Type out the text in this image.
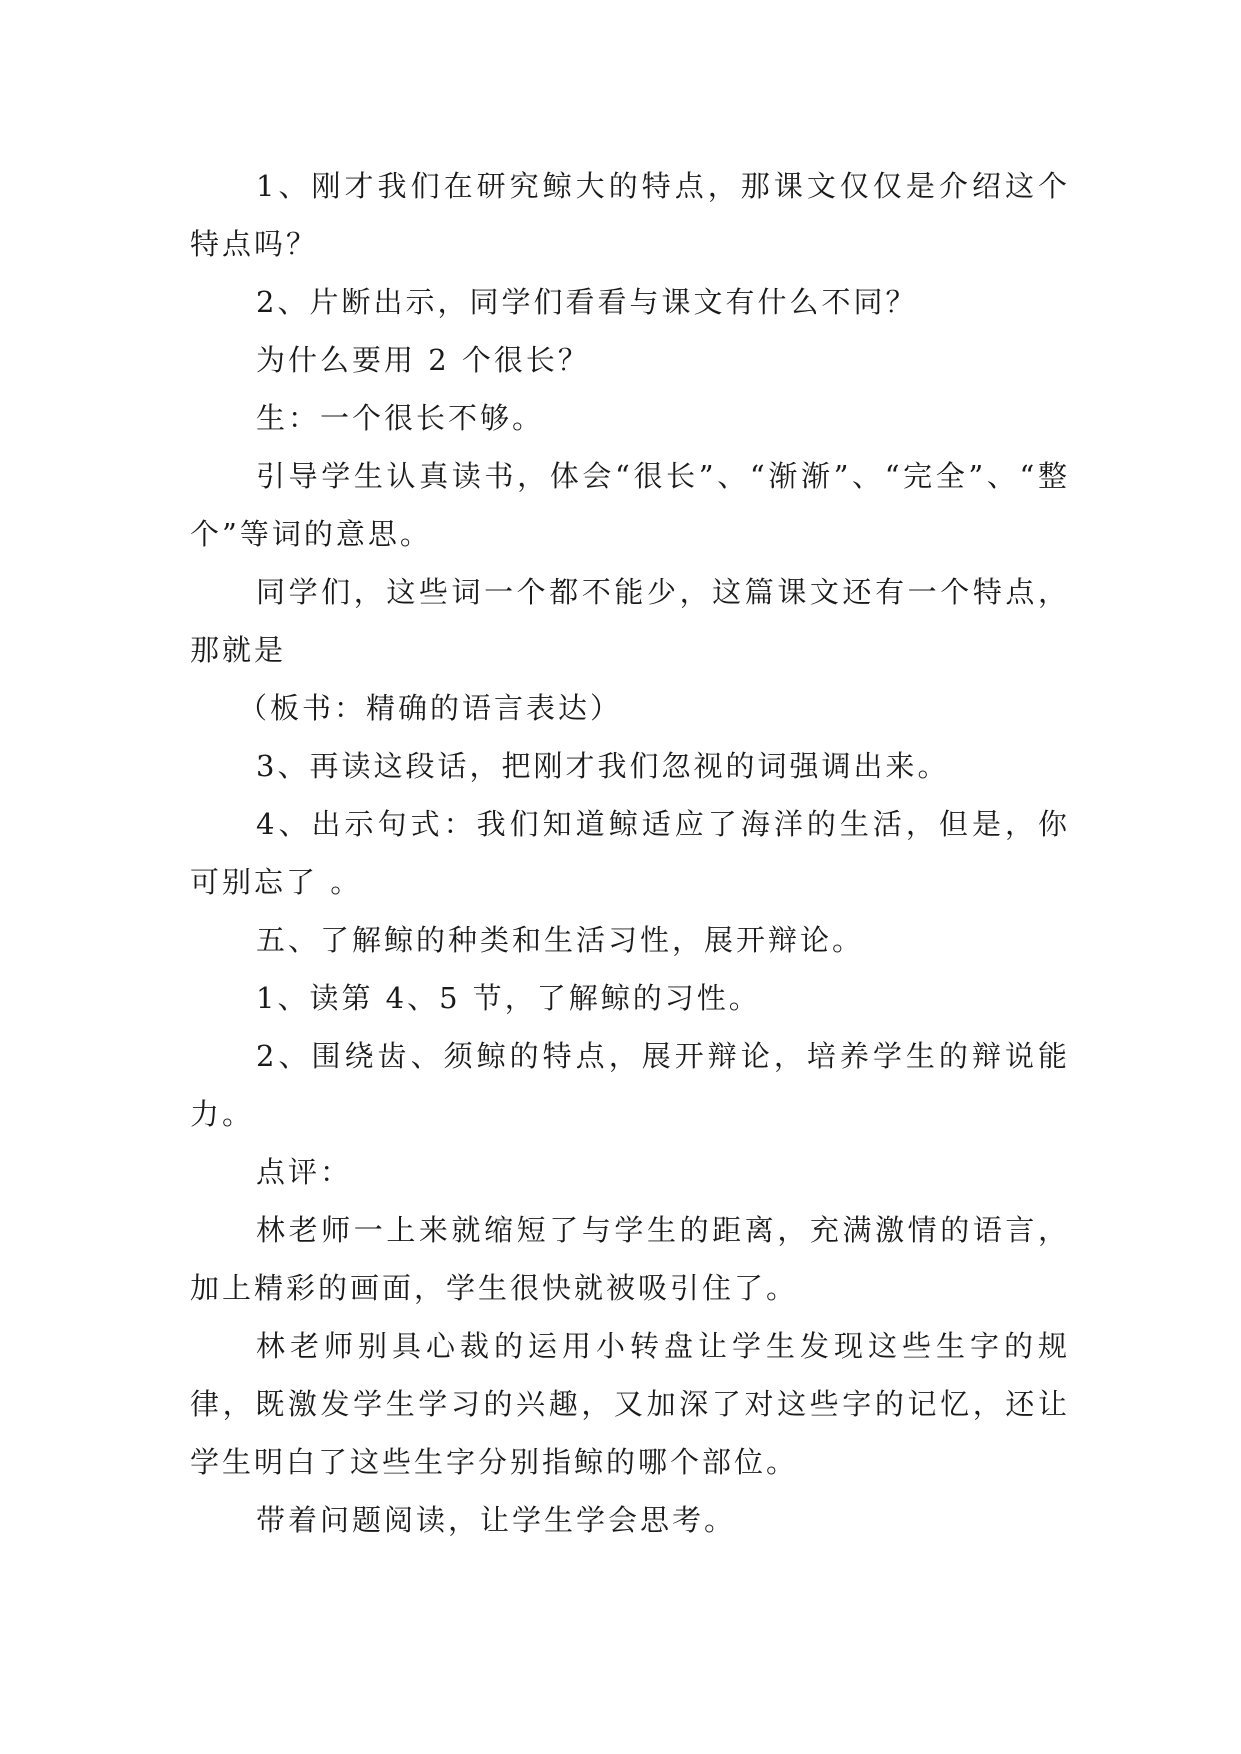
1、刚才我们在研究鲸大的特点，那课文仅仅是介绍这个特点吗？

2、片断出示，同学们看看与课文有什么不同？

为什么要用 2 个很长？

生：一个很长不够。

引导学生认真读书，体会“很长”、“渐渐”、“完全”、“整个”等词的意思。

同学们，这些词一个都不能少，这篇课文还有一个特点，那就是

（板书：精确的语言表达）

3、再读这段话，把刚才我们忽视的词强调出来。

4、出示句式：我们知道鲸适应了海洋的生活，但是，你可别忘了 。

五、了解鲸的种类和生活习性，展开辩论。

1、读第 4、5 节，了解鲸的习性。

2、围绕齿、须鲸的特点，展开辩论，培养学生的辩说能力。

点评：

林老师一上来就缩短了与学生的距离，充满激情的语言，加上精彩的画面，学生很快就被吸引住了。

林老师别具心裁的运用小转盘让学生发现这些生字的规律，既激发学生学习的兴趣，又加深了对这些字的记忆，还让学生明白了这些生字分别指鲸的哪个部位。

带着问题阅读，让学生学会思考。
